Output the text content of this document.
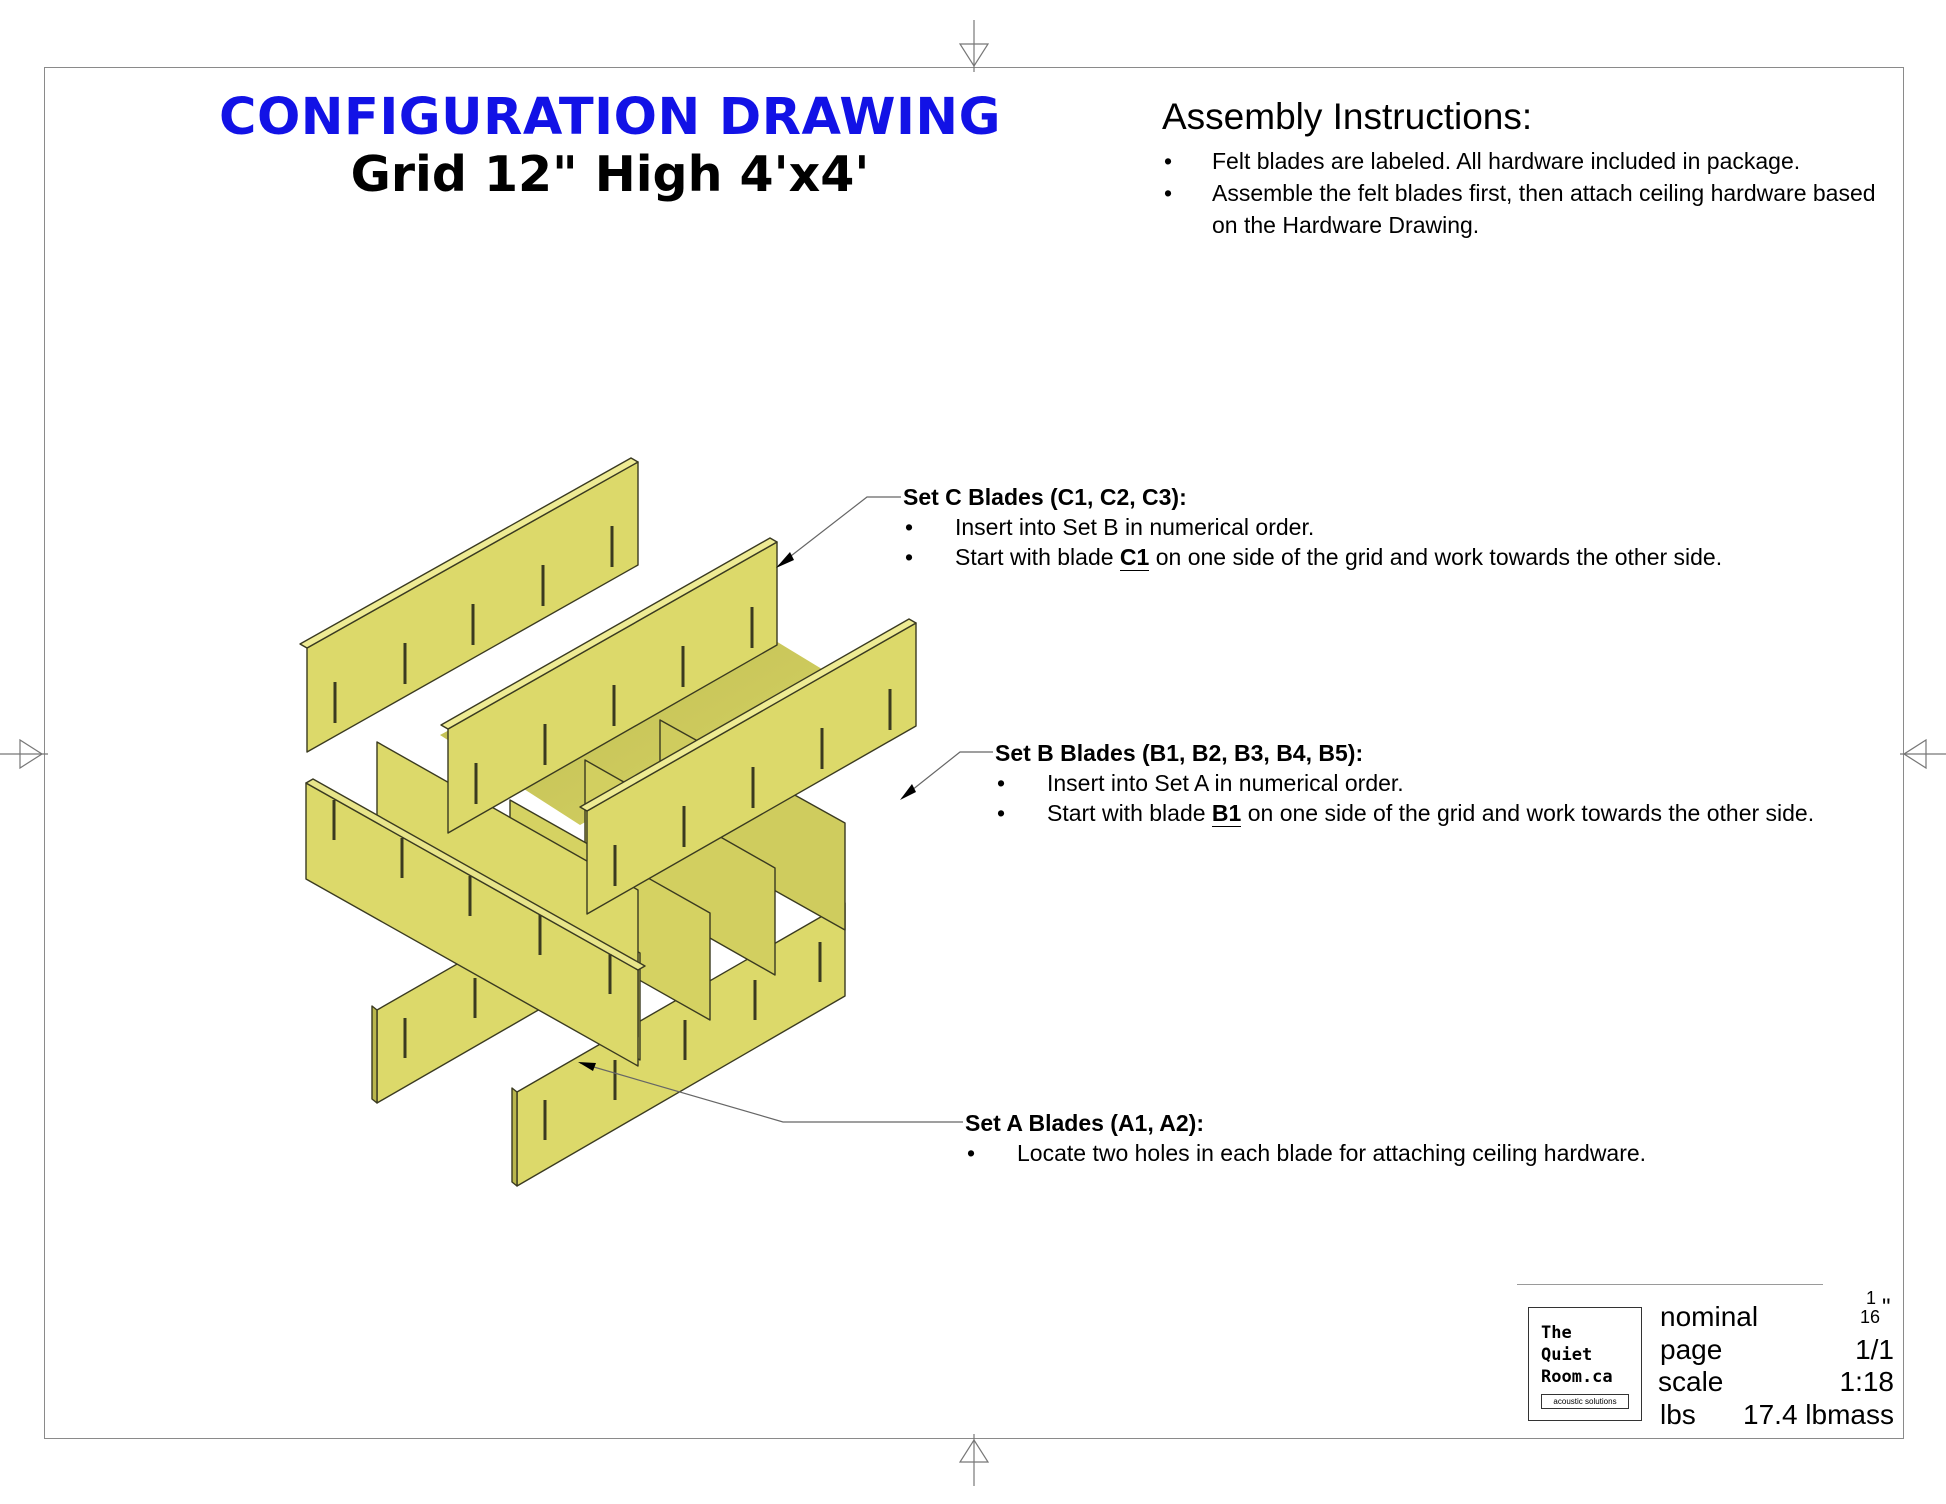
CONFIGURATION DRAWING
Grid 12" High 4'x4'
Assembly Instructions:
• Felt blades are labeled. All hardware included in package.
• Assemble the felt blades first, then attach ceiling hardware based on the Hardware Drawing.
Set C Blades (C1, C2, C3):
• Insert into Set B in numerical order.
• Start with blade C1 on one side of the grid and work towards the other side.
Set B Blades (B1, B2, B3, B4, B5):
• Insert into Set A in numerical order.
• Start with blade B1 on one side of the grid and work towards the other side.
Set A Blades (A1, A2):
• Locate two holes in each blade for attaching ceiling hardware.
The
Quiet
Room.ca
acoustic solutions
nominal
1
16 "
page	1/1
scale	1:18
lbs 17.4 lbmass
